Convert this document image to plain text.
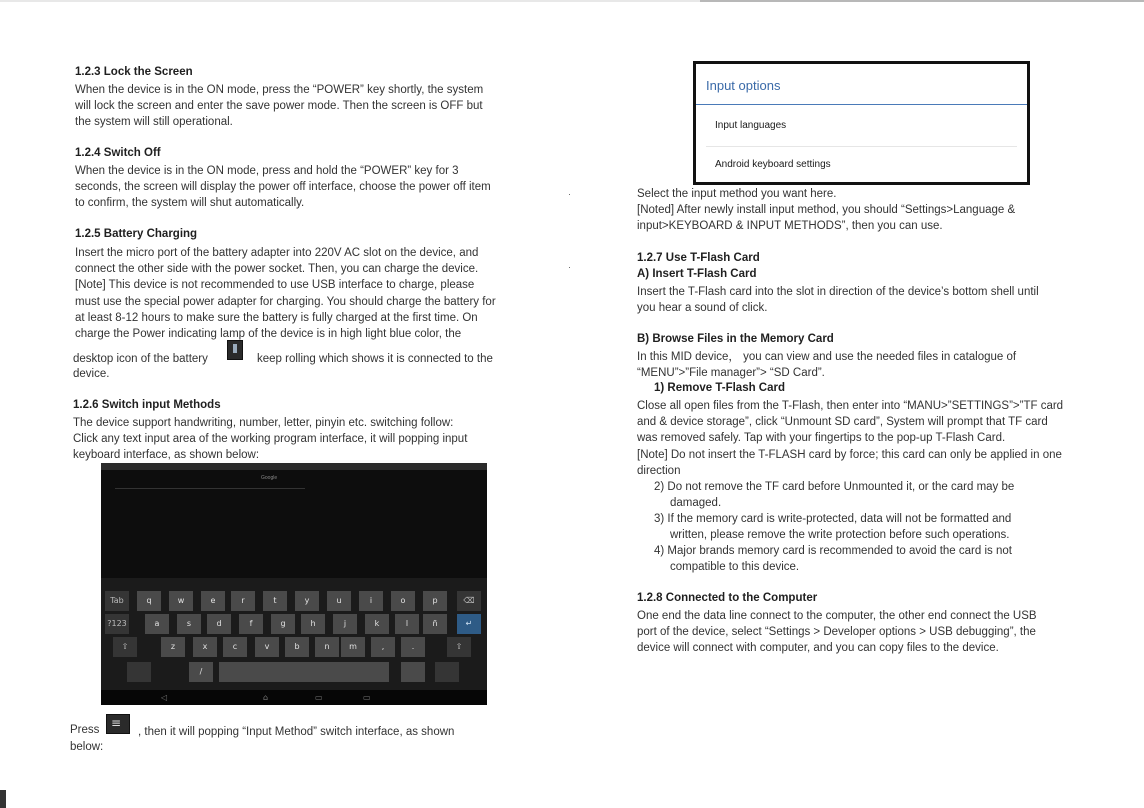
1.2.3 Lock the Screen
When the device is in the ON mode, press the “POWER” key shortly, the system
will lock the screen and enter the save power mode. Then the screen is OFF but
the system will still operational.
1.2.4 Switch Off
When the device is in the ON mode, press and hold the “POWER” key for 3
seconds, the screen will display the power off interface, choose the power off item
to confirm, the system will shut automatically.
1.2.5 Battery Charging
Insert the micro port of the battery adapter into 220V AC slot on the device, and
connect the other side with the power socket. Then, you can charge the device.
[Note] This device is not recommended to use USB interface to charge, please
must use the special power adapter for charging. You should charge the battery for
at least 8-12 hours to make sure the battery is fully charged at the first time. On
charge the Power indicating lamp of the device is in high light blue color, the
desktop icon of the battery	keep rolling which shows it is connected to the
device.
1.2.6 Switch input Methods
The device support handwriting, number, letter, pinyin etc. switching follow:
Click any text input area of the working program interface, it will popping input
keyboard interface, as shown below:
Google
Tab	q	w	e	r	t	y	u	i	o	p	⌫
?123	a	s	d	f	g	h	j	k	l	ñ	↵
⇧	z	x	c	v	b	n	m	,	.	⇧
/
◁	⌂	▭	▭
Press
≡	, then it will popping “Input Method” switch interface, as shown
below:
·
·
Input options
Input languages
Android keyboard settings
Select the input method you want here.
[Noted] After newly install input method, you should “Settings>Language &
input>KEYBOARD & INPUT METHODS”, then you can use.
1.2.7 Use T-Flash Card
A) Insert T-Flash Card
Insert the T-Flash card into the slot in direction of the device’s bottom shell until
you hear a sound of click.
B) Browse Files in the Memory Card
In this MID device， you can view and use the needed files in catalogue of
“MENU”>”File manager”> “SD Card”.
1) Remove T-Flash Card
Close all open files from the T-Flash, then enter into “MANU>”SETTINGS”>”TF card
and & device storage”, click “Unmount SD card”, System will prompt that TF card
was removed safely. Tap with your fingertips to the pop-up T-Flash Card.
[Note] Do not insert the T-FLASH card by force; this card can only be applied in one
direction
2) Do not remove the TF card before Unmounted it, or the card may be
damaged.
3) If the memory card is write-protected, data will not be formatted and
written, please remove the write protection before such operations.
4) Major brands memory card is recommended to avoid the card is not
compatible to this device.
1.2.8 Connected to the Computer
One end the data line connect to the computer, the other end connect the USB
port of the device, select “Settings > Developer options > USB debugging”, the
device will connect with computer, and you can copy files to the device.
